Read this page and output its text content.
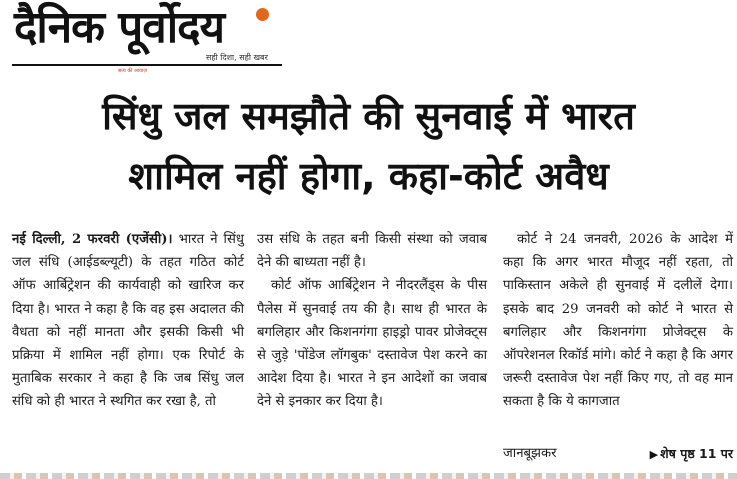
दैनिक पूर्वोदय
सही दिशा, सही खबर
सत्य की आवाज़
सिंधु जल समझौते की सुनवाई में भारत
शामिल नहीं होगा, कहा-कोर्ट अवैध
नई दिल्ली, 2 फरवरी (एजेंसी)। भारत ने सिंधु जल संधि (आईडब्ल्यूटी) के तहत गठित कोर्ट ऑफ आर्बिट्रेशन की कार्यवाही को खारिज कर दिया है। भारत ने कहा है कि वह इस अदालत की वैधता को नहीं मानता और इसकी किसी भी प्रक्रिया में शामिल नहीं होगा। एक रिपोर्ट के मुताबिक सरकार ने कहा है कि जब सिंधु जल संधि को ही भारत ने स्थगित कर रखा है, तो
उस संधि के तहत बनी किसी संस्था को जवाब देने की बाध्यता नहीं है।
कोर्ट ऑफ आर्बिट्रेशन ने नीदरलैंड्स के पीस पैलेस में सुनवाई तय की है। साथ ही भारत के बगलिहार और किशनगंगा हाइड्रो पावर प्रोजेक्ट्स से जुड़े 'पोंडेज लॉगबुक' दस्तावेज पेश करने का आदेश दिया है। भारत ने इन आदेशों का जवाब देने से इनकार कर दिया है।
कोर्ट ने 24 जनवरी, 2026 के आदेश में कहा कि अगर भारत मौजूद नहीं रहता, तो पाकिस्तान अकेले ही सुनवाई में दलीलें देगा। इसके बाद 29 जनवरी को कोर्ट ने भारत से बगलिहार और किशनगंगा प्रोजेक्ट्स के ऑपरेशनल रिकॉर्ड मांगे। कोर्ट ने कहा है कि अगर जरूरी दस्तावेज पेश नहीं किए गए, तो वह मान सकता है कि ये कागजात
जानबूझकर	▶ शेष पृष्ठ 11 पर
